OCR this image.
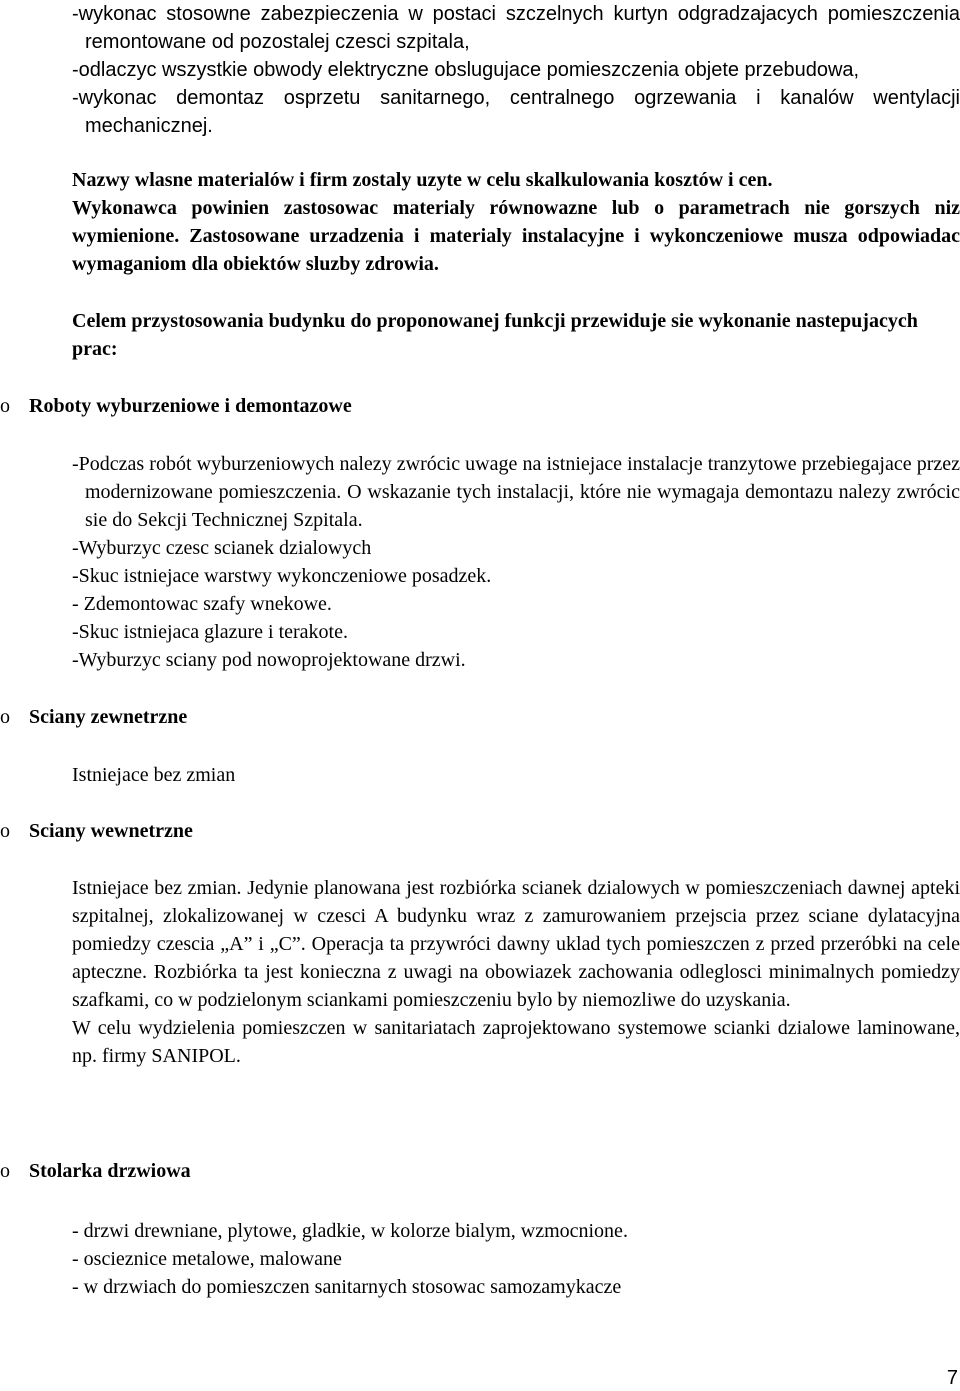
-wykonac stosowne zabezpieczenia w postaci szczelnych kurtyn odgradzajacych pomieszczenia remontowane od pozostalej czesci szpitala,

-odlaczyc wszystkie obwody elektryczne obslugujace pomieszczenia objete przebudowa,

-wykonac demontaz osprzetu sanitarnego, centralnego ogrzewania i kanalów wentylacji mechanicznej.

Nazwy wlasne materialów i firm zostaly uzyte w celu skalkulowania kosztów i cen.

Wykonawca powinien zastosowac materialy równowazne lub o parametrach nie gorszych niz wymienione. Zastosowane urzadzenia i materialy instalacyjne i wykonczeniowe musza odpowiadac wymaganiom dla obiektów sluzby zdrowia.

Celem przystosowania budynku do proponowanej funkcji przewiduje sie wykonanie nastepujacych prac:
o Roboty wyburzeniowe i demontazowe

-Podczas robót wyburzeniowych nalezy zwrócic uwage na istniejace instalacje tranzytowe przebiegajace przez modernizowane pomieszczenia. O wskazanie tych instalacji, które nie wymagaja demontazu nalezy zwrócic sie do Sekcji Technicznej Szpitala.

-Wyburzyc czesc scianek dzialowych

-Skuc istniejace warstwy wykonczeniowe posadzek.

- Zdemontowac szafy wnekowe.

-Skuc istniejaca glazure i terakote.

-Wyburzyc sciany pod nowoprojektowane drzwi.

o Sciany zewnetrzne
Istniejace bez zmian
o Sciany wewnetrzne

Istniejace bez zmian. Jedynie planowana jest rozbiórka scianek dzialowych w pomieszczeniach dawnej apteki szpitalnej, zlokalizowanej w czesci A budynku wraz z zamurowaniem przejscia przez sciane dylatacyjna pomiedzy czescia „A” i „C”. Operacja ta przywróci dawny uklad tych pomieszczen z przed przeróbki na cele apteczne. Rozbiórka ta jest konieczna z uwagi na obowiazek zachowania odleglosci minimalnych pomiedzy szafkami, co w podzielonym sciankami pomieszczeniu bylo by niemozliwe do uzyskania.

W celu wydzielenia pomieszczen w sanitariatach zaprojektowano systemowe scianki dzialowe laminowane, np. firmy SANIPOL.

o Stolarka drzwiowa

- drzwi drewniane, plytowe, gladkie, w kolorze bialym, wzmocnione.

- oscieznice metalowe, malowane

- w drzwiach do pomieszczen sanitarnych stosowac samozamykacze

7
